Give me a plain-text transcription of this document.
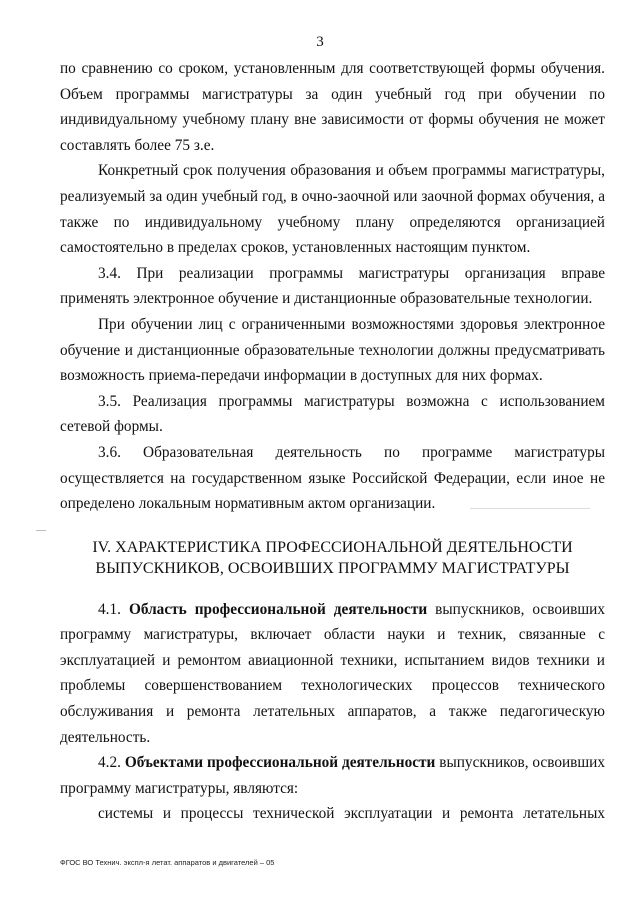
3

по сравнению со сроком, установленным для соответствующей формы обучения. Объем программы магистратуры за один учебный год при обучении по индивидуальному учебному плану вне зависимости от формы обучения не может составлять более 75 з.е.

Конкретный срок получения образования и объем программы магистратуры, реализуемый за один учебный год, в очно-заочной или заочной формах обучения, а также по индивидуальному учебному плану определяются организацией самостоятельно в пределах сроков, установленных настоящим пунктом.

3.4. При реализации программы магистратуры организация вправе применять электронное обучение и дистанционные образовательные технологии.

При обучении лиц с ограниченными возможностями здоровья электронное обучение и дистанционные образовательные технологии должны предусматривать возможность приема-передачи информации в доступных для них формах.

3.5. Реализация программы магистратуры возможна с использованием сетевой формы.

3.6. Образовательная деятельность по программе магистратуры осуществляется на государственном языке Российской Федерации, если иное не определено локальным нормативным актом организации.

IV. ХАРАКТЕРИСТИКА ПРОФЕССИОНАЛЬНОЙ ДЕЯТЕЛЬНОСТИ
ВЫПУСКНИКОВ, ОСВОИВШИХ ПРОГРАММУ МАГИСТРАТУРЫ

4.1. Область профессиональной деятельности выпускников, освоивших программу магистратуры, включает области науки и техник, связанные с эксплуатацией и ремонтом авиационной техники, испытанием видов техники и проблемы совершенствованием технологических процессов технического обслуживания и ремонта летательных аппаратов, а также педагогическую деятельность.

4.2. Объектами профессиональной деятельности выпускников, освоивших программу магистратуры, являются:

системы и процессы технической эксплуатации и ремонта летательных

ФГОС ВО Технич. экспл-я летат. аппаратов и двигателей – 05
